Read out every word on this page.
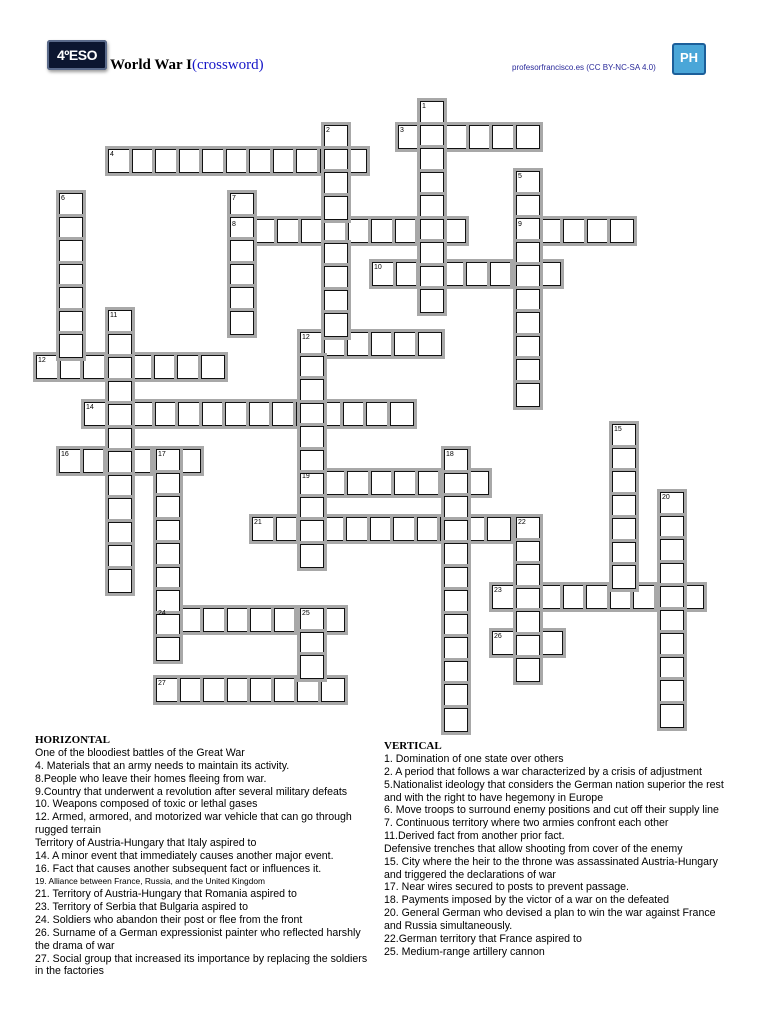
4ºESO
World War I(crossword)	profesorfrancisco.es (CC BY-NC-SA 4.0)
PH
3
4
8	9
10
12
12
14
16
19
21
23
24
26
27
1
2
5
6	7
11
15
17	18
20
22
25
HORIZONTAL
One of the bloodiest battles of the Great War
4. Materials that an army needs to maintain its activity.
8.People who leave their homes fleeing from war.
9.Country that underwent a revolution after several military defeats
10. Weapons composed of toxic or lethal gases
12. Armed, armored, and motorized war vehicle that can go through rugged terrain
Territory of Austria-Hungary that Italy aspired to
14. A minor event that immediately causes another major event.
16. Fact that causes another subsequent fact or influences it.
19. Alliance between France, Russia, and the United Kingdom
21. Territory of Austria-Hungary that Romania aspired to
23. Territory of Serbia that Bulgaria aspired to
24. Soldiers who abandon their post or flee from the front
26. Surname of a German expressionist painter who reflected harshly the drama of war
27. Social group that increased its importance by replacing the soldiers in the factories
VERTICAL
1. Domination of one state over others
2. A period that follows a war characterized by a crisis of adjustment
5.Nationalist ideology that considers the German nation superior the rest and with the right to have hegemony in Europe
6. Move troops to surround enemy positions and cut off their supply line
7. Continuous territory where two armies confront each other
11.Derived fact from another prior fact.
Defensive trenches that allow shooting from cover of the enemy
15. City where the heir to the throne was assassinated Austria-Hungary and triggered the declarations of war
17. Near wires secured to posts to prevent passage.
18. Payments imposed by the victor of a war on the defeated
20. General German who devised a plan to win the war against France and Russia simultaneously.
22.German territory that France aspired to
25. Medium-range artillery cannon
